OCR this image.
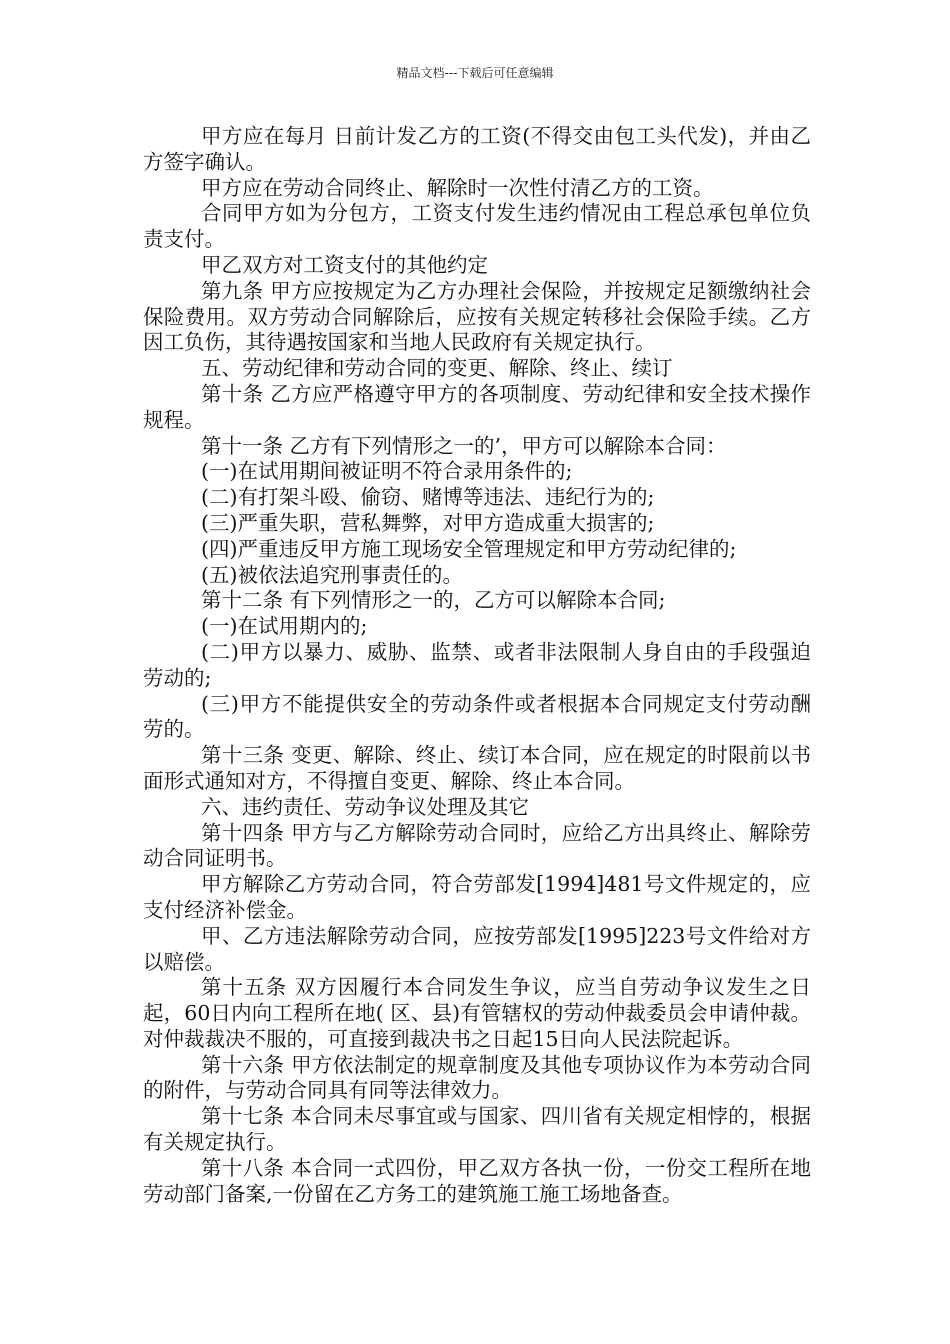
精品文档---下载后可任意编辑

甲方应在每月 日前计发乙方的工资(不得交由包工头代发)，并由乙方签字确认。

甲方应在劳动合同终止、解除时一次性付清乙方的工资。

合同甲方如为分包方，工资支付发生违约情况由工程总承包单位负责支付。

甲乙双方对工资支付的其他约定

第九条 甲方应按规定为乙方办理社会保险，并按规定足额缴纳社会保险费用。双方劳动合同解除后，应按有关规定转移社会保险手续。乙方因工负伤，其待遇按国家和当地人民政府有关规定执行。

五、劳动纪律和劳动合同的变更、解除、终止、续订

第十条 乙方应严格遵守甲方的各项制度、劳动纪律和安全技术操作规程。

第十一条 乙方有下列情形之一的’，甲方可以解除本合同：

(一)在试用期间被证明不符合录用条件的;

(二)有打架斗殴、偷窃、赌博等违法、违纪行为的;

(三)严重失职，营私舞弊，对甲方造成重大损害的;

(四)严重违反甲方施工现场安全管理规定和甲方劳动纪律的;

(五)被依法追究刑事责任的。

第十二条 有下列情形之一的，乙方可以解除本合同;

(一)在试用期内的;

(二)甲方以暴力、威胁、监禁、或者非法限制人身自由的手段强迫劳动的;

(三)甲方不能提供安全的劳动条件或者根据本合同规定支付劳动酬劳的。

第十三条 变更、解除、终止、续订本合同，应在规定的时限前以书面形式通知对方，不得擅自变更、解除、终止本合同。

六、违约责任、劳动争议处理及其它

第十四条 甲方与乙方解除劳动合同时，应给乙方出具终止、解除劳动合同证明书。

甲方解除乙方劳动合同，符合劳部发[1994]481号文件规定的，应支付经济补偿金。

甲、乙方违法解除劳动合同，应按劳部发[1995]223号文件给对方以赔偿。

第十五条 双方因履行本合同发生争议，应当自劳动争议发生之日起，60日内向工程所在地( 区、县)有管辖权的劳动仲裁委员会申请仲裁。对仲裁裁决不服的，可直接到裁决书之日起15日向人民法院起诉。

第十六条 甲方依法制定的规章制度及其他专项协议作为本劳动合同的附件，与劳动合同具有同等法律效力。

第十七条 本合同未尽事宜或与国家、四川省有关规定相悖的，根据有关规定执行。

第十八条 本合同一式四份，甲乙双方各执一份，一份交工程所在地劳动部门备案,一份留在乙方务工的建筑施工施工场地备查。
